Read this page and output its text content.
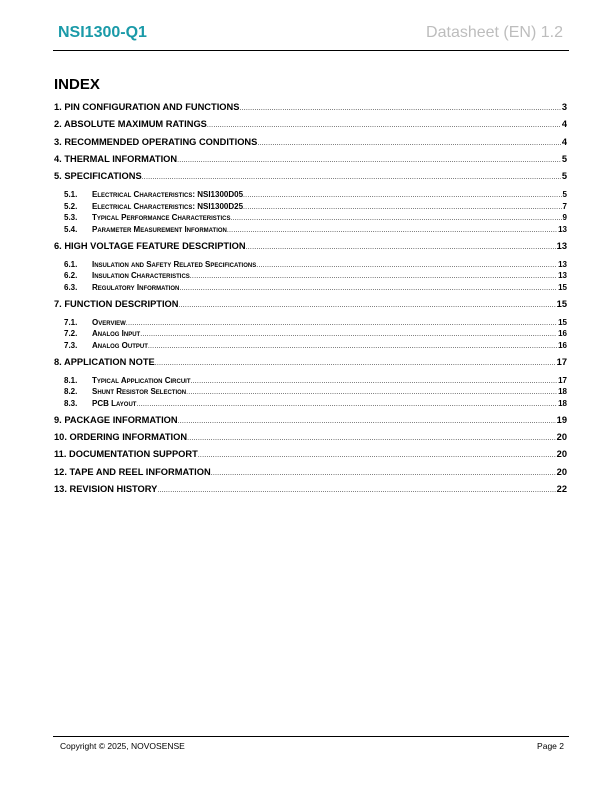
NSI1300-Q1	Datasheet (EN) 1.2
INDEX
1. PIN CONFIGURATION AND FUNCTIONS .....	3
2. ABSOLUTE MAXIMUM RATINGS .....	4
3. RECOMMENDED OPERATING CONDITIONS .....	4
4. THERMAL INFORMATION .....	5
5. SPECIFICATIONS .....	5
5.1.	Electrical Characteristics: NSI1300D05 .....	5
5.2.	Electrical Characteristics: NSI1300D25 .....	7
5.3.	Typical Performance Characteristics .....	9
5.4.	Parameter Measurement Information .....	13
6. HIGH VOLTAGE FEATURE DESCRIPTION .....	13
6.1.	Insulation and Safety Related Specifications .....	13
6.2.	Insulation Characteristics .....	13
6.3.	Regulatory Information .....	15
7. FUNCTION DESCRIPTION .....	15
7.1.	Overview .....	15
7.2.	Analog Input .....	16
7.3.	Analog Output .....	16
8. APPLICATION NOTE .....	17
8.1.	Typical Application Circuit .....	17
8.2.	Shunt Resistor Selection .....	18
8.3.	PCB Layout .....	18
9. PACKAGE INFORMATION .....	19
10. ORDERING INFORMATION .....	20
11. DOCUMENTATION SUPPORT .....	20
12. TAPE AND REEL INFORMATION .....	20
13. REVISION HISTORY .....	22
Copyright © 2025, NOVOSENSE	Page 2
